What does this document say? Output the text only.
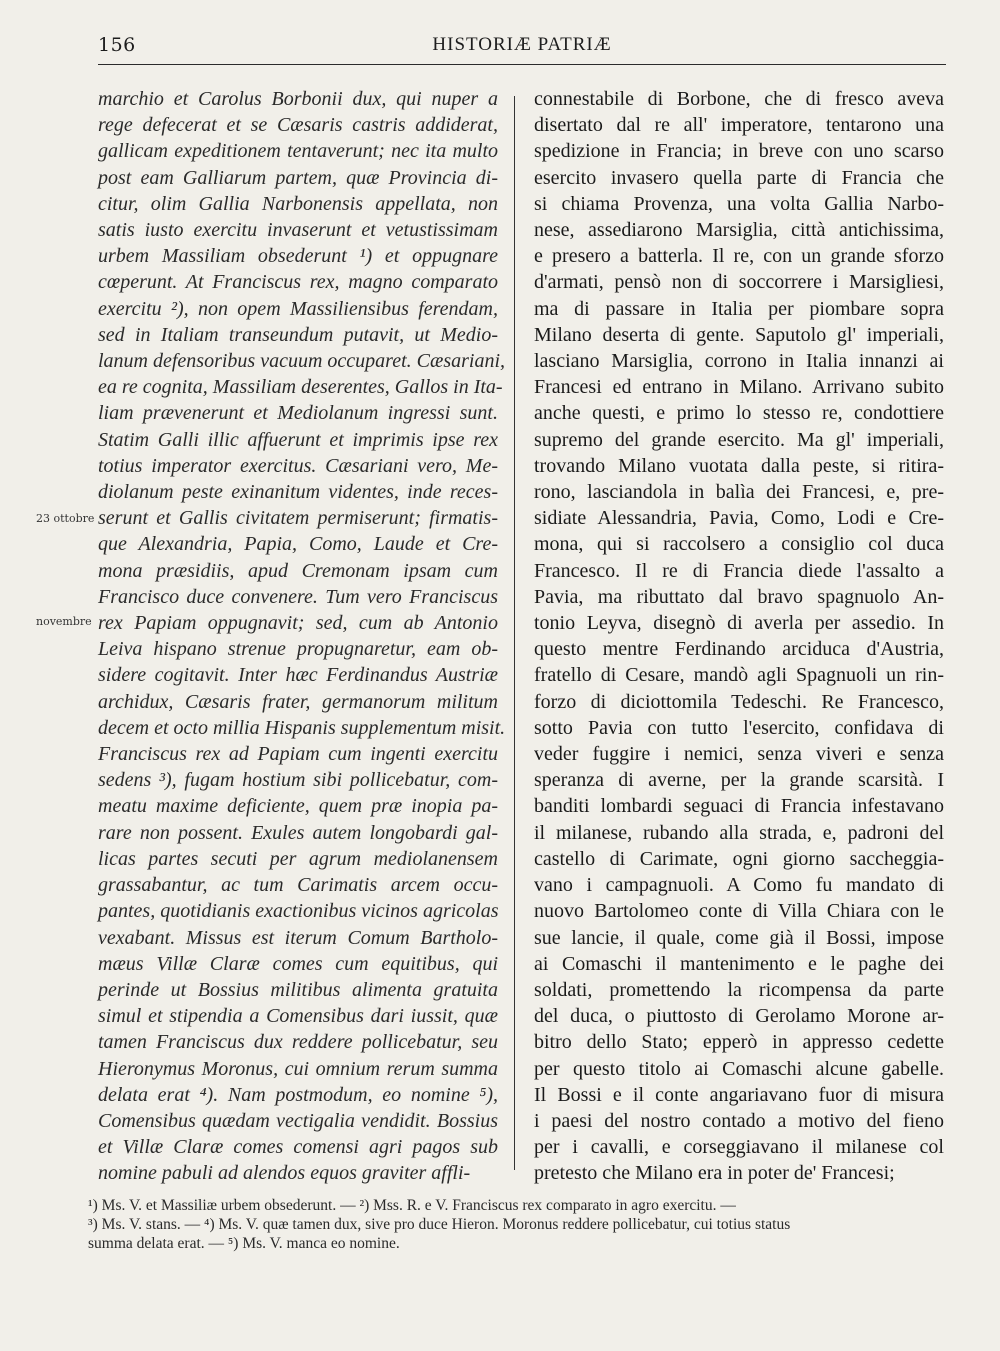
156	HISTORIÆ PATRIÆ
23 ottobre
novembre
marchio et Carolus Borbonii dux, qui nuper a
rege defecerat et se Cæsaris castris addiderat,
gallicam expeditionem tentaverunt; nec ita multo
post eam Galliarum partem, quæ Provincia di-
citur, olim Gallia Narbonensis appellata, non
satis iusto exercitu invaserunt et vetustissimam
urbem Massiliam obsederunt ¹) et oppugnare
cœperunt. At Franciscus rex, magno comparato
exercitu ²), non opem Massiliensibus ferendam,
sed in Italiam transeundum putavit, ut Medio-
lanum defensoribus vacuum occuparet. Cæsariani,
ea re cognita, Massiliam deserentes, Gallos in Ita-
liam prævenerunt et Mediolanum ingressi sunt.
Statim Galli illic affuerunt et imprimis ipse rex
totius imperator exercitus. Cæsariani vero, Me-
diolanum peste exinanitum videntes, inde reces-
serunt et Gallis civitatem permiserunt; firmatis-
que Alexandria, Papia, Como, Laude et Cre-
mona præsidiis, apud Cremonam ipsam cum
Francisco duce convenere. Tum vero Franciscus
rex Papiam oppugnavit; sed, cum ab Antonio
Leiva hispano strenue propugnaretur, eam ob-
sidere cogitavit. Inter hæc Ferdinandus Austriæ
archidux, Cæsaris frater, germanorum militum
decem et octo millia Hispanis supplementum misit.
Franciscus rex ad Papiam cum ingenti exercitu
sedens ³), fugam hostium sibi pollicebatur, com-
meatu maxime deficiente, quem præ inopia pa-
rare non possent. Exules autem longobardi gal-
licas partes secuti per agrum mediolanensem
grassabantur, ac tum Carimatis arcem occu-
pantes, quotidianis exactionibus vicinos agricolas
vexabant. Missus est iterum Comum Bartholo-
mæus Villæ Claræ comes cum equitibus, qui
perinde ut Bossius militibus alimenta gratuita
simul et stipendia a Comensibus dari iussit, quæ
tamen Franciscus dux reddere pollicebatur, seu
Hieronymus Moronus, cui omnium rerum summa
delata erat ⁴). Nam postmodum, eo nomine ⁵),
Comensibus quædam vectigalia vendidit. Bossius
et Villæ Claræ comes comensi agri pagos sub
nomine pabuli ad alendos equos graviter affli-
connestabile di Borbone, che di fresco aveva
disertato dal re all' imperatore, tentarono una
spedizione in Francia; in breve con uno scarso
esercito invasero quella parte di Francia che
si chiama Provenza, una volta Gallia Narbo-
nese, assediarono Marsiglia, città antichissima,
e presero a batterla. Il re, con un grande sforzo
d'armati, pensò non di soccorrere i Marsigliesi,
ma di passare in Italia per piombare sopra
Milano deserta di gente. Saputolo gl' imperiali,
lasciano Marsiglia, corrono in Italia innanzi ai
Francesi ed entrano in Milano. Arrivano subito
anche questi, e primo lo stesso re, condottiere
supremo del grande esercito. Ma gl' imperiali,
trovando Milano vuotata dalla peste, si ritira-
rono, lasciandola in balìa dei Francesi, e, pre-
sidiate Alessandria, Pavia, Como, Lodi e Cre-
mona, qui si raccolsero a consiglio col duca
Francesco. Il re di Francia diede l'assalto a
Pavia, ma ributtato dal bravo spagnuolo An-
tonio Leyva, disegnò di averla per assedio. In
questo mentre Ferdinando arciduca d'Austria,
fratello di Cesare, mandò agli Spagnuoli un rin-
forzo di diciottomila Tedeschi. Re Francesco,
sotto Pavia con tutto l'esercito, confidava di
veder fuggire i nemici, senza viveri e senza
speranza di averne, per la grande scarsità. I
banditi lombardi seguaci di Francia infestavano
il milanese, rubando alla strada, e, padroni del
castello di Carimate, ogni giorno saccheggia-
vano i campagnuoli. A Como fu mandato di
nuovo Bartolomeo conte di Villa Chiara con le
sue lancie, il quale, come già il Bossi, impose
ai Comaschi il mantenimento e le paghe dei
soldati, promettendo la ricompensa da parte
del duca, o piuttosto di Gerolamo Morone ar-
bitro dello Stato; epperò in appresso cedette
per questo titolo ai Comaschi alcune gabelle.
Il Bossi e il conte angariavano fuor di misura
i paesi del nostro contado a motivo del fieno
per i cavalli, e corseggiavano il milanese col
pretesto che Milano era in poter de' Francesi;
¹) Ms. V. et Massiliæ urbem obsederunt. — ²) Mss. R. e V. Franciscus rex comparato in agro exercitu. —
³) Ms. V. stans. — ⁴) Ms. V. quæ tamen dux, sive pro duce Hieron. Moronus reddere pollicebatur, cui totius status
summa delata erat. — ⁵) Ms. V. manca eo nomine.
